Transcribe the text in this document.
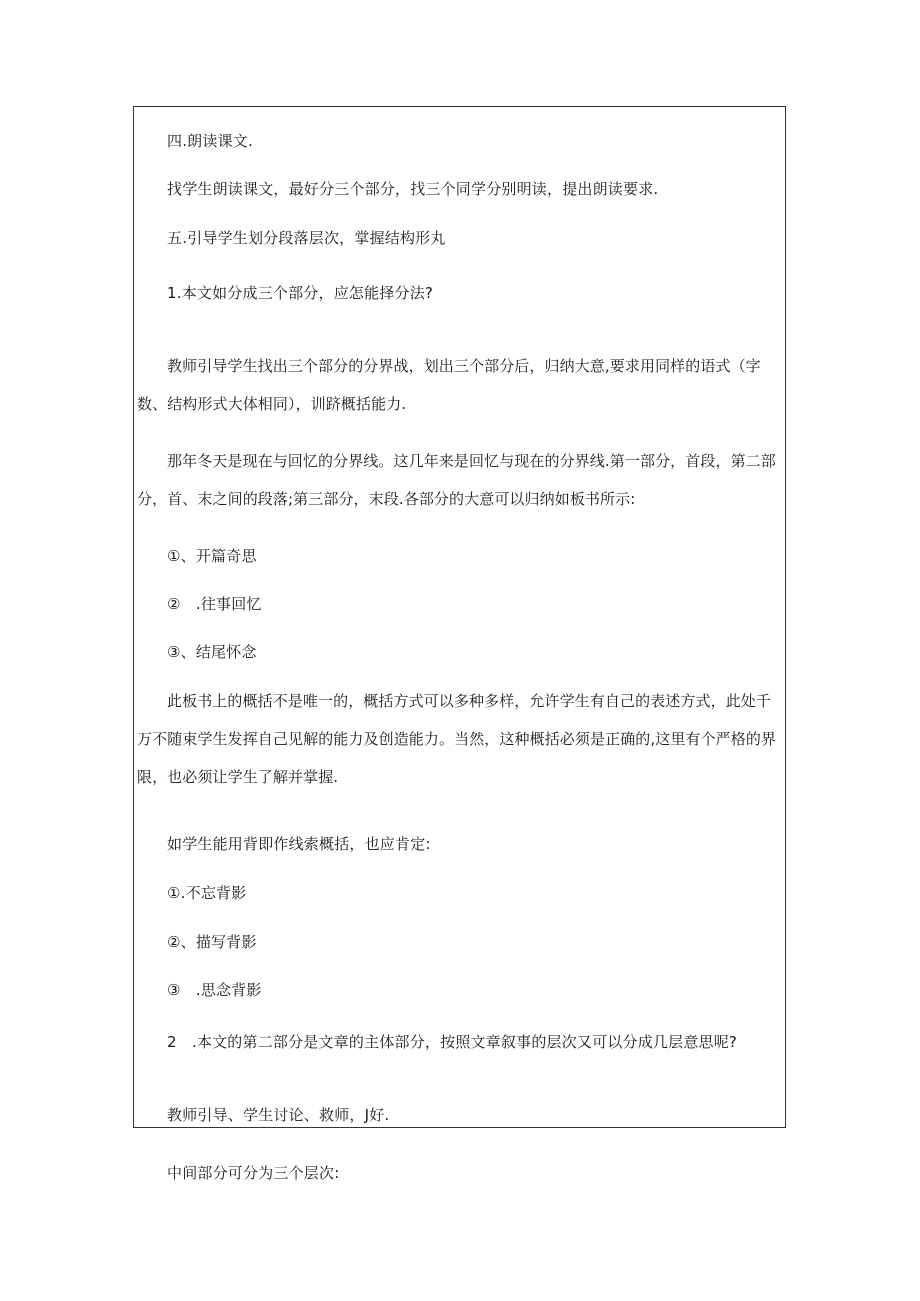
四.朗读课文.
找学生朗读课文，最好分三个部分，找三个同学分别明读，提出朗读要求.
五.引导学生划分段落层次，掌握结构形丸
1.本文如分成三个部分，应怎能择分法?
教师引导学生找出三个部分的分界战，划出三个部分后，归纳大意,要求用同样的语式（字数、结构形式大体相同），训跻概括能力.
那年冬天是现在与回忆的分界线。这几年来是回忆与现在的分界线.第一部分，首段，第二部分，首、末之间的段落;第三部分，末段.各部分的大意可以归纳如板书所示:
①、开篇奇思
②　.往事回忆
③、结尾怀念
此板书上的概括不是唯一的，概括方式可以多种多样，允许学生有自己的表述方式，此处千万不随束学生发挥自己见解的能力及创造能力。当然，这种概括必须是正确的,这里有个严格的界限，也必须让学生了解并掌握.
如学生能用背即作线索概括，也应肯定:
①.不忘背影
②、描写背影
③　.思念背影
2　.本文的第二部分是文章的主体部分，按照文章叙事的层次又可以分成几层意思呢?
教师引导、学生讨论、救师，J好.
中间部分可分为三个层次:
